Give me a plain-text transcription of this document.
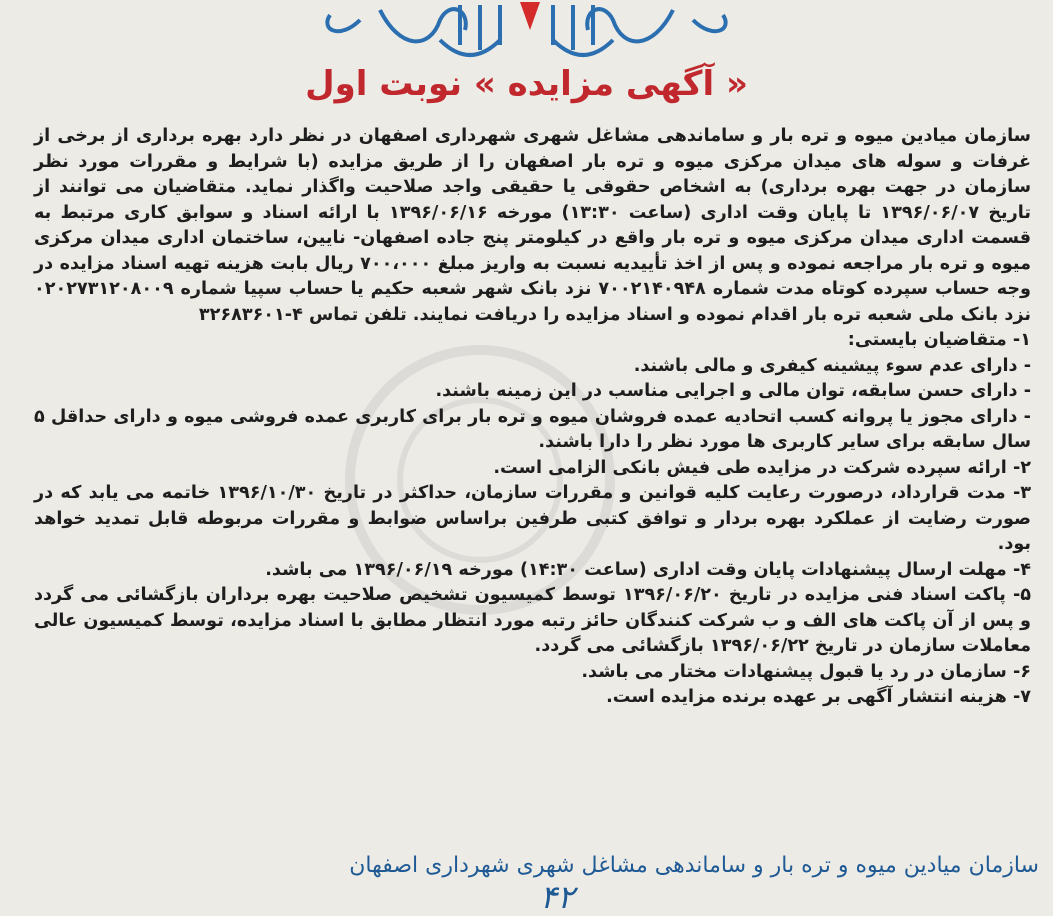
« آگهی مزایده » نوبت اول

سازمان میادین میوه و تره بار و ساماندهی مشاغل شهری شهرداری اصفهان در نظر دارد بهره برداری از برخی از غرفات و سوله های میدان مرکزی میوه و تره بار اصفهان را از طریق مزایده (با شرایط و مقررات مورد نظر سازمان در جهت بهره برداری) به اشخاص حقوقی یا حقیقی واجد صلاحیت واگذار نماید. متقاضیان می توانند از تاریخ ۱۳۹۶/۰۶/۰۷ تا پایان وقت اداری (ساعت ۱۳:۳۰) مورخه ۱۳۹۶/۰۶/۱۶ با ارائه اسناد و سوابق کاری مرتبط به قسمت اداری میدان مرکزی میوه و تره بار واقع در کیلومتر پنج جاده اصفهان- نایین، ساختمان اداری میدان مرکزی میوه و تره بار مراجعه نموده و پس از اخذ تأییدیه نسبت به واریز مبلغ ۷۰۰،۰۰۰ ریال بابت هزینه تهیه اسناد مزایده در وجه حساب سپرده کوتاه مدت شماره ۷۰۰۲۱۴۰۹۴۸ نزد بانک شهر شعبه حکیم یا حساب سپیا شماره ۰۲۰۲۷۳۱۲۰۸۰۰۹ نزد بانک ملی شعبه تره بار اقدام نموده و اسناد مزایده را دریافت نمایند. تلفن تماس ۴-۳۲۶۸۳۶۰۱

۱- متقاضیان بایستی:

- دارای عدم سوء پیشینه کیفری و مالی باشند.

- دارای حسن سابقه، توان مالی و اجرایی مناسب در این زمینه باشند.

- دارای مجوز یا پروانه کسب اتحادیه عمده فروشان میوه و تره بار برای کاربری عمده فروشی میوه و دارای حداقل ۵ سال سابقه برای سایر کاربری ها مورد نظر را دارا باشند.

۲- ارائه سپرده شرکت در مزایده طی فیش بانکی الزامی است.

۳- مدت قرارداد، درصورت رعایت کلیه قوانین و مقررات سازمان، حداکثر در تاریخ ۱۳۹۶/۱۰/۳۰ خاتمه می یابد که در صورت رضایت از عملکرد بهره بردار و توافق کتبی طرفین براساس ضوابط و مقررات مربوطه قابل تمدید خواهد بود.

۴- مهلت ارسال پیشنهادات پایان وقت اداری (ساعت ۱۴:۳۰) مورخه ۱۳۹۶/۰۶/۱۹ می باشد.

۵- پاکت اسناد فنی مزایده در تاریخ ۱۳۹۶/۰۶/۲۰ توسط کمیسیون تشخیص صلاحیت بهره برداران بازگشائی می گردد و پس از آن پاکت های الف و ب شرکت کنندگان حائز رتبه مورد انتظار مطابق با اسناد مزایده، توسط کمیسیون عالی معاملات سازمان در تاریخ ۱۳۹۶/۰۶/۲۲ بازگشائی می گردد.

۶- سازمان در رد یا قبول پیشنهادات مختار می باشد.

۷- هزینه انتشار آگهی بر عهده برنده مزایده است.

سازمان میادین میوه و تره بار و ساماندهی مشاغل شهری شهرداری اصفهان
۴۲
